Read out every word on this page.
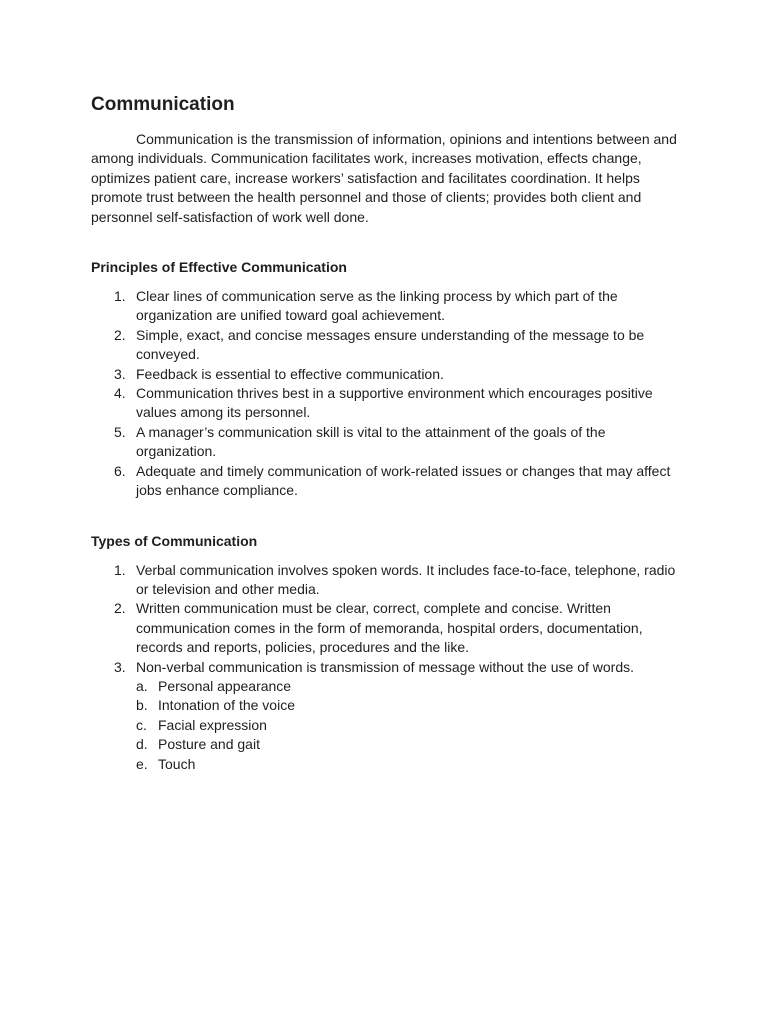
Communication

Communication is the transmission of information, opinions and intentions between and among individuals. Communication facilitates work, increases motivation, effects change, optimizes patient care, increase workers’ satisfaction and facilitates coordination. It helps promote trust between the health personnel and those of clients; provides both client and personnel self-satisfaction of work well done.

Principles of Effective Communication
1. Clear lines of communication serve as the linking process by which part of the organization are unified toward goal achievement.
2. Simple, exact, and concise messages ensure understanding of the message to be conveyed.
3. Feedback is essential to effective communication.
4. Communication thrives best in a supportive environment which encourages positive values among its personnel.
5. A manager’s communication skill is vital to the attainment of the goals of the organization.
6. Adequate and timely communication of work-related issues or changes that may affect jobs enhance compliance.
Types of Communication
1. Verbal communication involves spoken words. It includes face-to-face, telephone, radio or television and other media.
2. Written communication must be clear, correct, complete and concise. Written communication comes in the form of memoranda, hospital orders, documentation, records and reports, policies, procedures and the like.
3. Non-verbal communication is transmission of message without the use of words.
a. Personal appearance
b. Intonation of the voice
c. Facial expression
d. Posture and gait
e. Touch
